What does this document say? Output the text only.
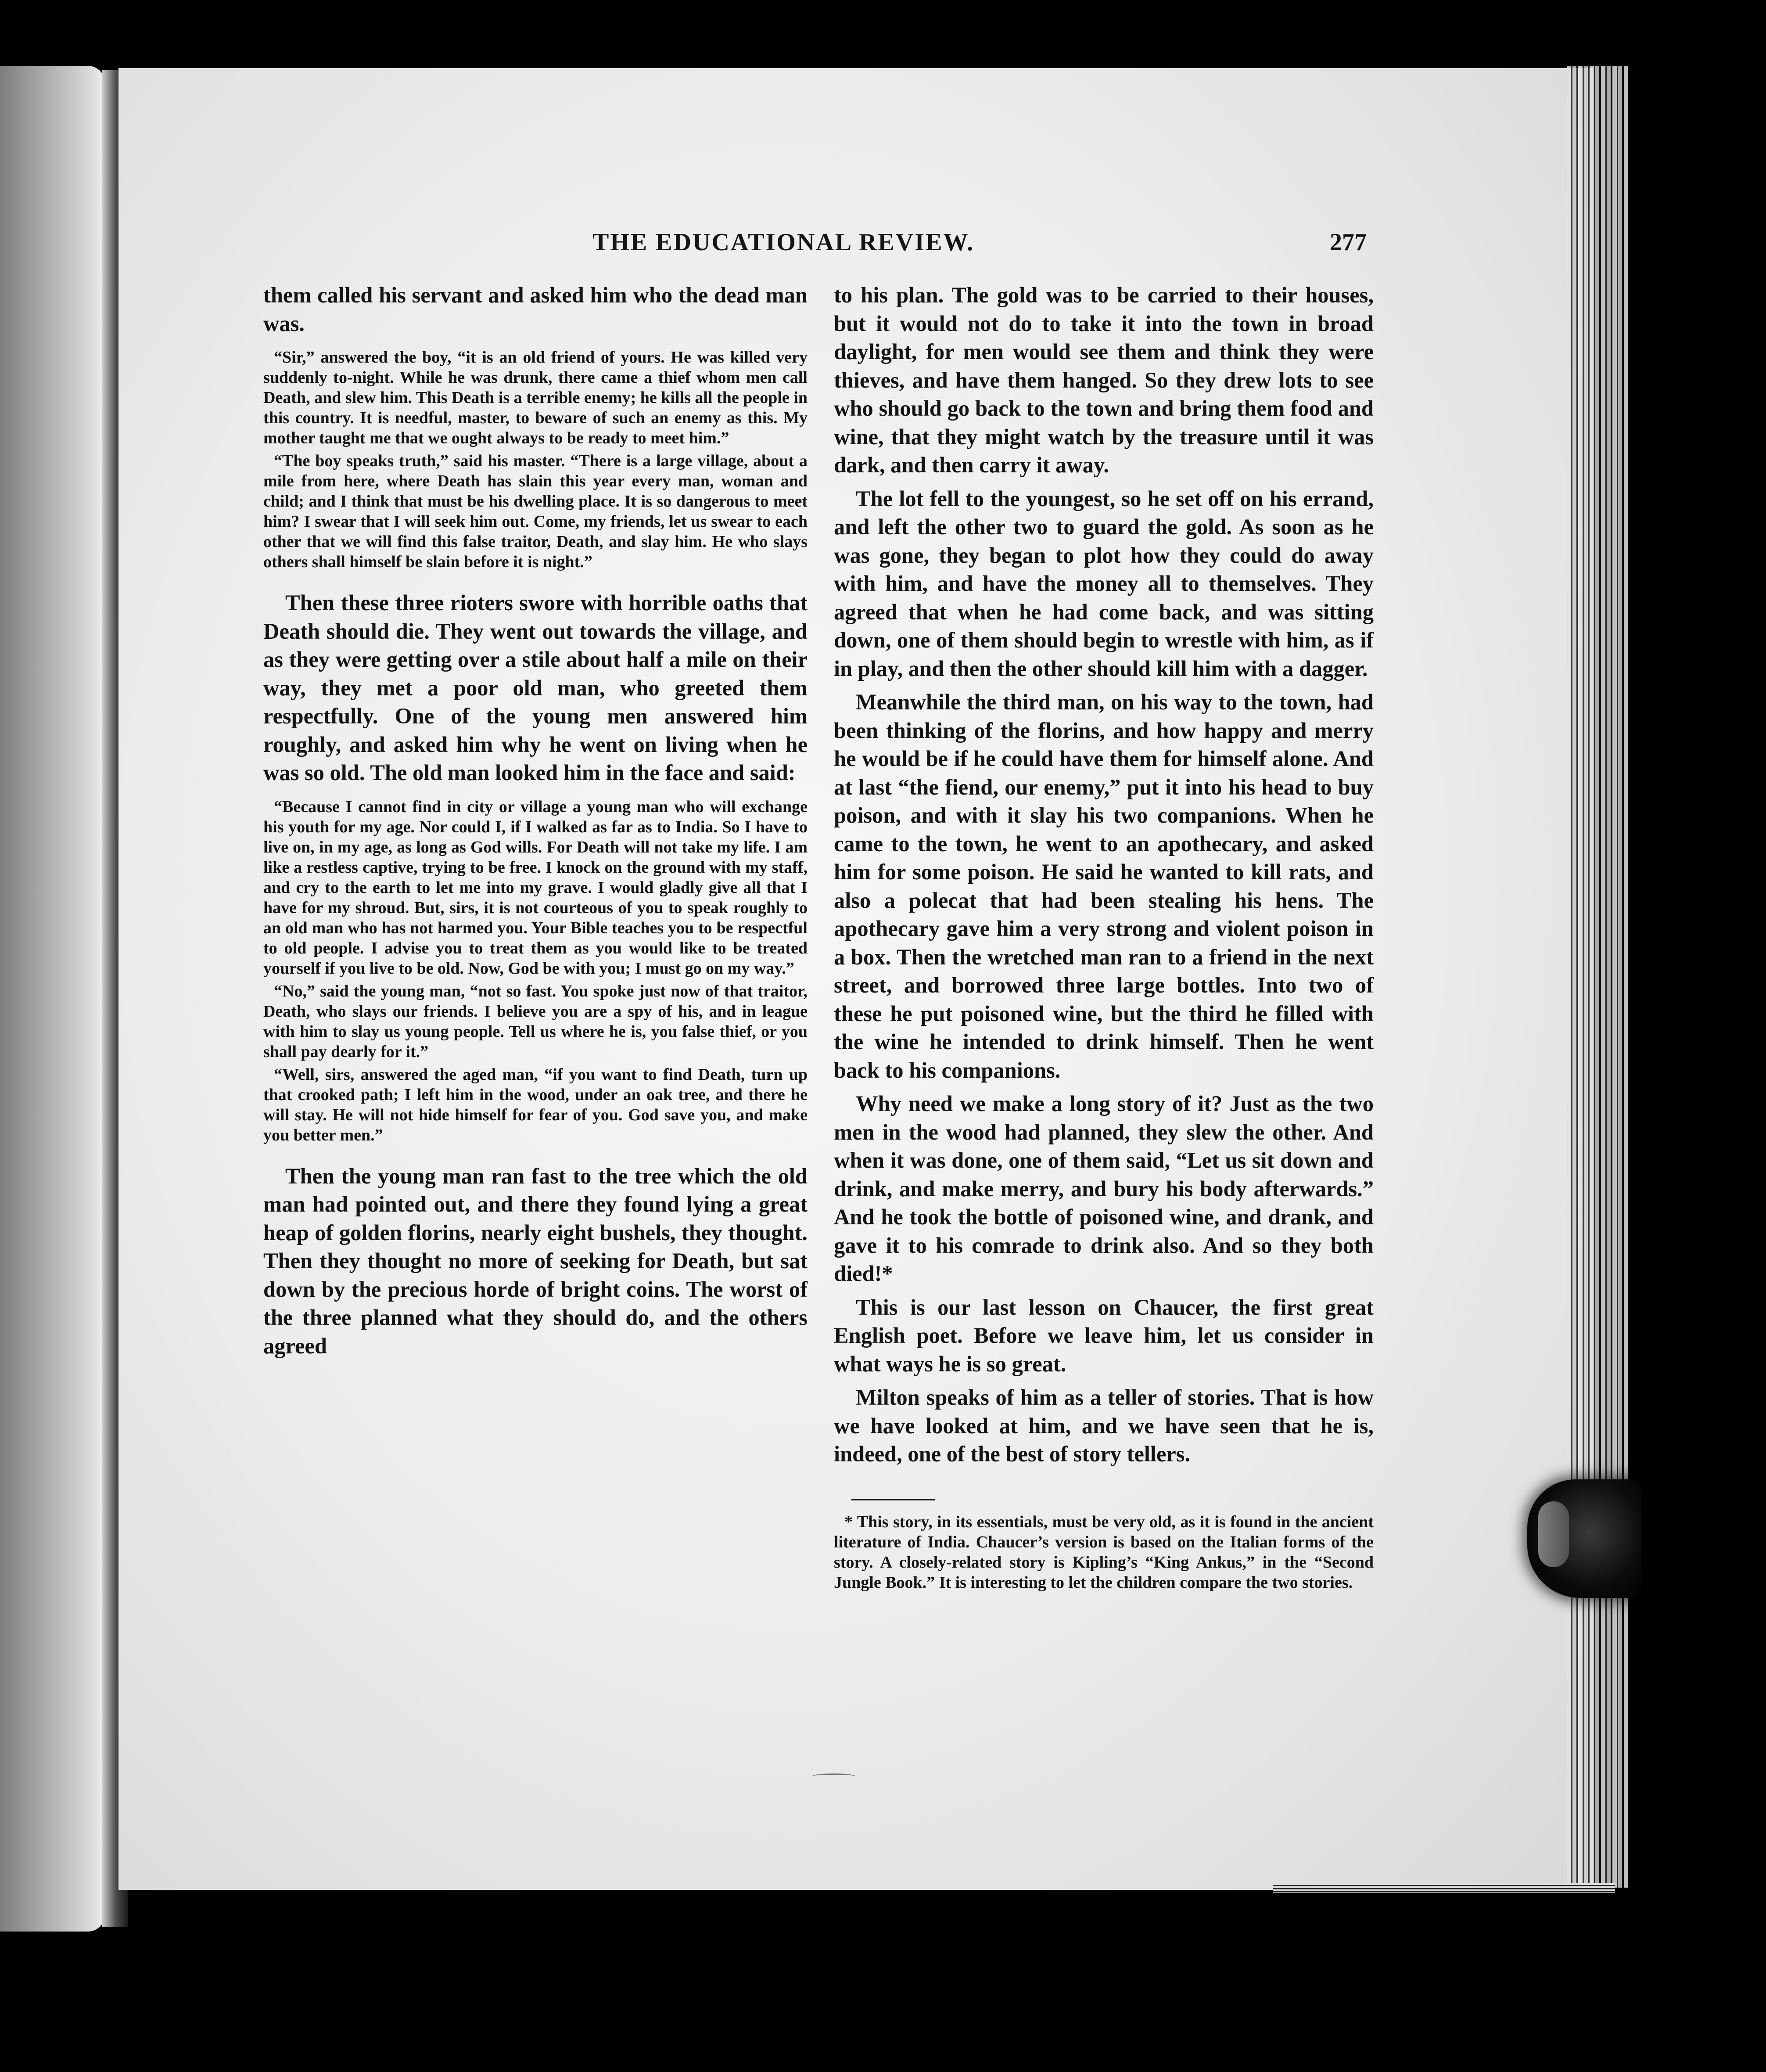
THE EDUCATIONAL REVIEW.	277

them called his servant and asked him who the dead man was.

“Sir,” answered the boy, “it is an old friend of yours. He was killed very suddenly to-night. While he was drunk, there came a thief whom men call Death, and slew him. This Death is a terrible enemy; he kills all the people in this country. It is needful, master, to beware of such an enemy as this. My mother taught me that we ought always to be ready to meet him.”

“The boy speaks truth,” said his master. “There is a large village, about a mile from here, where Death has slain this year every man, woman and child; and I think that must be his dwelling place. It is so dangerous to meet him? I swear that I will seek him out. Come, my friends, let us swear to each other that we will find this false traitor, Death, and slay him. He who slays others shall himself be slain before it is night.”

Then these three rioters swore with horrible oaths that Death should die. They went out towards the village, and as they were getting over a stile about half a mile on their way, they met a poor old man, who greeted them respectfully. One of the young men answered him roughly, and asked him why he went on living when he was so old. The old man looked him in the face and said:

“Because I cannot find in city or village a young man who will exchange his youth for my age. Nor could I, if I walked as far as to India. So I have to live on, in my age, as long as God wills. For Death will not take my life. I am like a restless captive, trying to be free. I knock on the ground with my staff, and cry to the earth to let me into my grave. I would gladly give all that I have for my shroud. But, sirs, it is not courteous of you to speak roughly to an old man who has not harmed you. Your Bible teaches you to be respectful to old people. I advise you to treat them as you would like to be treated yourself if you live to be old. Now, God be with you; I must go on my way.”

“No,” said the young man, “not so fast. You spoke just now of that traitor, Death, who slays our friends. I believe you are a spy of his, and in league with him to slay us young people. Tell us where he is, you false thief, or you shall pay dearly for it.”

“Well, sirs, answered the aged man, “if you want to find Death, turn up that crooked path; I left him in the wood, under an oak tree, and there he will stay. He will not hide himself for fear of you. God save you, and make you better men.”

Then the young man ran fast to the tree which the old man had pointed out, and there they found lying a great heap of golden florins, nearly eight bushels, they thought. Then they thought no more of seeking for Death, but sat down by the precious horde of bright coins. The worst of the three planned what they should do, and the others agreed

to his plan. The gold was to be carried to their houses, but it would not do to take it into the town in broad daylight, for men would see them and think they were thieves, and have them hanged. So they drew lots to see who should go back to the town and bring them food and wine, that they might watch by the treasure until it was dark, and then carry it away.

The lot fell to the youngest, so he set off on his errand, and left the other two to guard the gold. As soon as he was gone, they began to plot how they could do away with him, and have the money all to themselves. They agreed that when he had come back, and was sitting down, one of them should begin to wrestle with him, as if in play, and then the other should kill him with a dagger.

Meanwhile the third man, on his way to the town, had been thinking of the florins, and how happy and merry he would be if he could have them for himself alone. And at last “the fiend, our enemy,” put it into his head to buy poison, and with it slay his two companions. When he came to the town, he went to an apothecary, and asked him for some poison. He said he wanted to kill rats, and also a polecat that had been stealing his hens. The apothecary gave him a very strong and violent poison in a box. Then the wretched man ran to a friend in the next street, and borrowed three large bottles. Into two of these he put poisoned wine, but the third he filled with the wine he intended to drink himself. Then he went back to his companions.

Why need we make a long story of it? Just as the two men in the wood had planned, they slew the other. And when it was done, one of them said, “Let us sit down and drink, and make merry, and bury his body afterwards.” And he took the bottle of poisoned wine, and drank, and gave it to his comrade to drink also. And so they both died!*

This is our last lesson on Chaucer, the first great English poet. Before we leave him, let us consider in what ways he is so great.

Milton speaks of him as a teller of stories. That is how we have looked at him, and we have seen that he is, indeed, one of the best of story tellers.

* This story, in its essentials, must be very old, as it is found in the ancient literature of India. Chaucer’s version is based on the Italian forms of the story. A closely-related story is Kipling’s “King Ankus,” in the “Second Jungle Book.” It is interesting to let the children compare the two stories.
